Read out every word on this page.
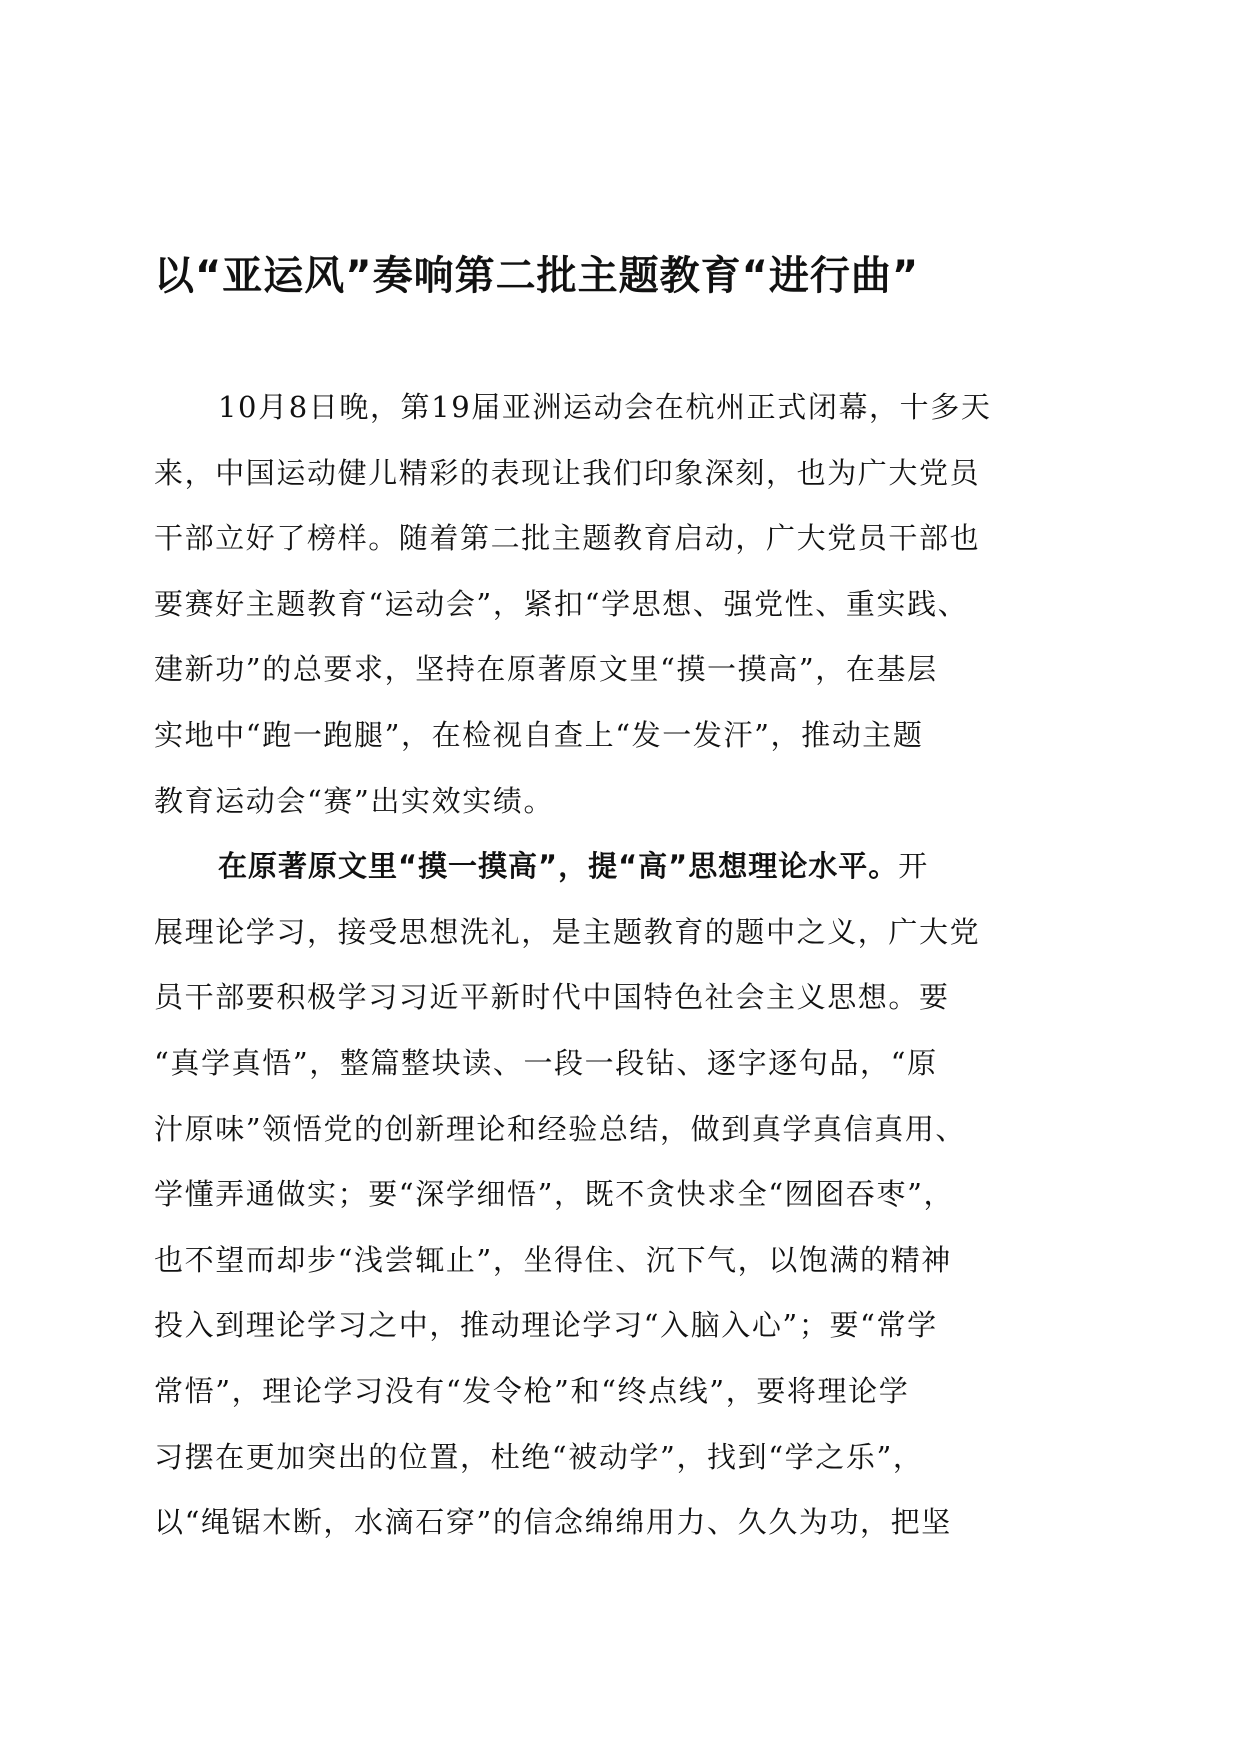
以“亚运风”奏响第二批主题教育“进行曲”
10月8日晚，第19届亚洲运动会在杭州正式闭幕，十多天
来，中国运动健儿精彩的表现让我们印象深刻，也为广大党员
干部立好了榜样。随着第二批主题教育启动，广大党员干部也
要赛好主题教育“运动会”，紧扣“学思想、强党性、重实践、
建新功”的总要求，坚持在原著原文里“摸一摸高”，在基层
实地中“跑一跑腿”，在检视自查上“发一发汗”，推动主题
教育运动会“赛”出实效实绩。
在原著原文里“摸一摸高”，提“高”思想理论水平。开
展理论学习，接受思想洗礼，是主题教育的题中之义，广大党
员干部要积极学习习近平新时代中国特色社会主义思想。要
“真学真悟”，整篇整块读、一段一段钻、逐字逐句品，“原
汁原味”领悟党的创新理论和经验总结，做到真学真信真用、
学懂弄通做实；要“深学细悟”，既不贪快求全“囫囵吞枣”，
也不望而却步“浅尝辄止”，坐得住、沉下气，以饱满的精神
投入到理论学习之中，推动理论学习“入脑入心”；要“常学
常悟”，理论学习没有“发令枪”和“终点线”，要将理论学
习摆在更加突出的位置，杜绝“被动学”，找到“学之乐”，
以“绳锯木断，水滴石穿”的信念绵绵用力、久久为功，把坚
